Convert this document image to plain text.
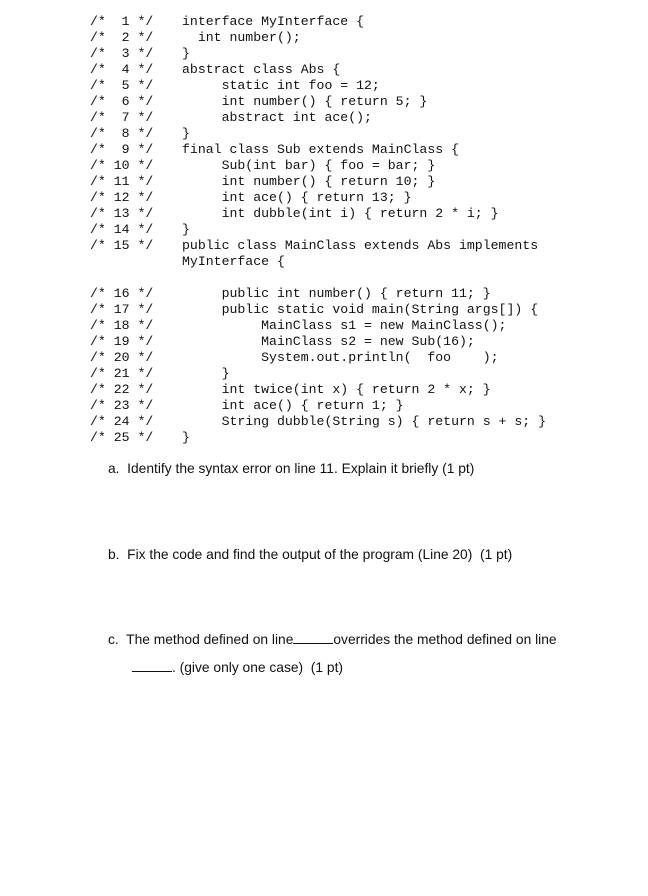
/*  1 */ interface MyInterface {

/*  2 */ int number();

/*  3 */ }

/*  4 */ abstract class Abs {

/*  5 */ static int foo = 12;

/*  6 */ int number() { return 5; }

/*  7 */ abstract int ace();

/*  8 */ }

/*  9 */ final class Sub extends MainClass {

/* 10 */ Sub(int bar) { foo = bar; }

/* 11 */ int number() { return 10; }

/* 12 */ int ace() { return 13; }

/* 13 */ int dubble(int i) { return 2 * i; }

/* 14 */ }

/* 15 */ public class MainClass extends Abs implements

MyInterface {

/* 16 */ public int number() { return 11; }

/* 17 */ public static void main(String args[]) {

/* 18 */ MainClass s1 = new MainClass();

/* 19 */ MainClass s2 = new Sub(16);

/* 20 */ System.out.println(  foo    );

/* 21 */ }

/* 22 */ int twice(int x) { return 2 * x; }

/* 23 */ int ace() { return 1; }

/* 24 */ String dubble(String s) { return s + s; }

/* 25 */ }

a.  Identify the syntax error on line 11. Explain it briefly (1 pt)
b.  Fix the code and find the output of the program (Line 20)  (1 pt)
c.  The method defined on line	overrides the method defined on line
. (give only one case)  (1 pt)
